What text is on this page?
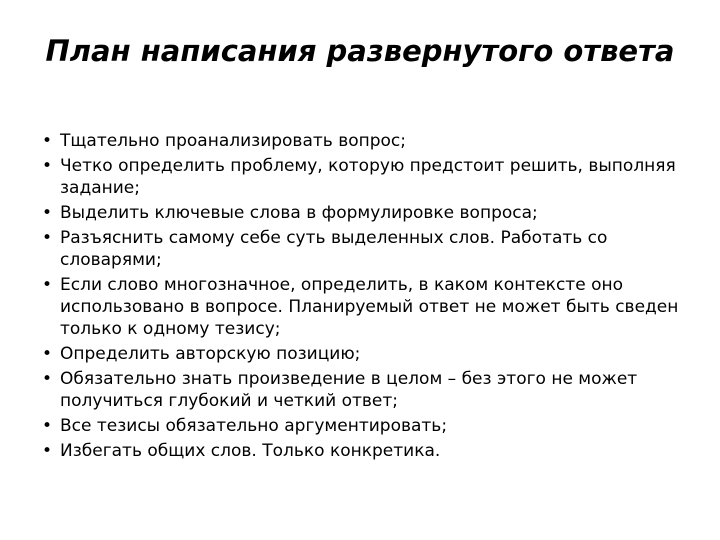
План написания развернутого ответа
• Тщательно проанализировать вопрос;
• Четко определить проблему, которую предстоит решить, выполняя задание;
• Выделить ключевые слова в формулировке вопроса;
• Разъяснить самому себе суть выделенных слов. Работать со словарями;
• Если слово многозначное, определить, в каком контексте оно использовано в вопросе. Планируемый ответ не может быть сведен только к одному тезису;
• Определить авторскую позицию;
• Обязательно знать произведение в целом – без этого не может получиться глубокий и четкий ответ;
• Все тезисы обязательно аргументировать;
• Избегать общих слов. Только конкретика.
